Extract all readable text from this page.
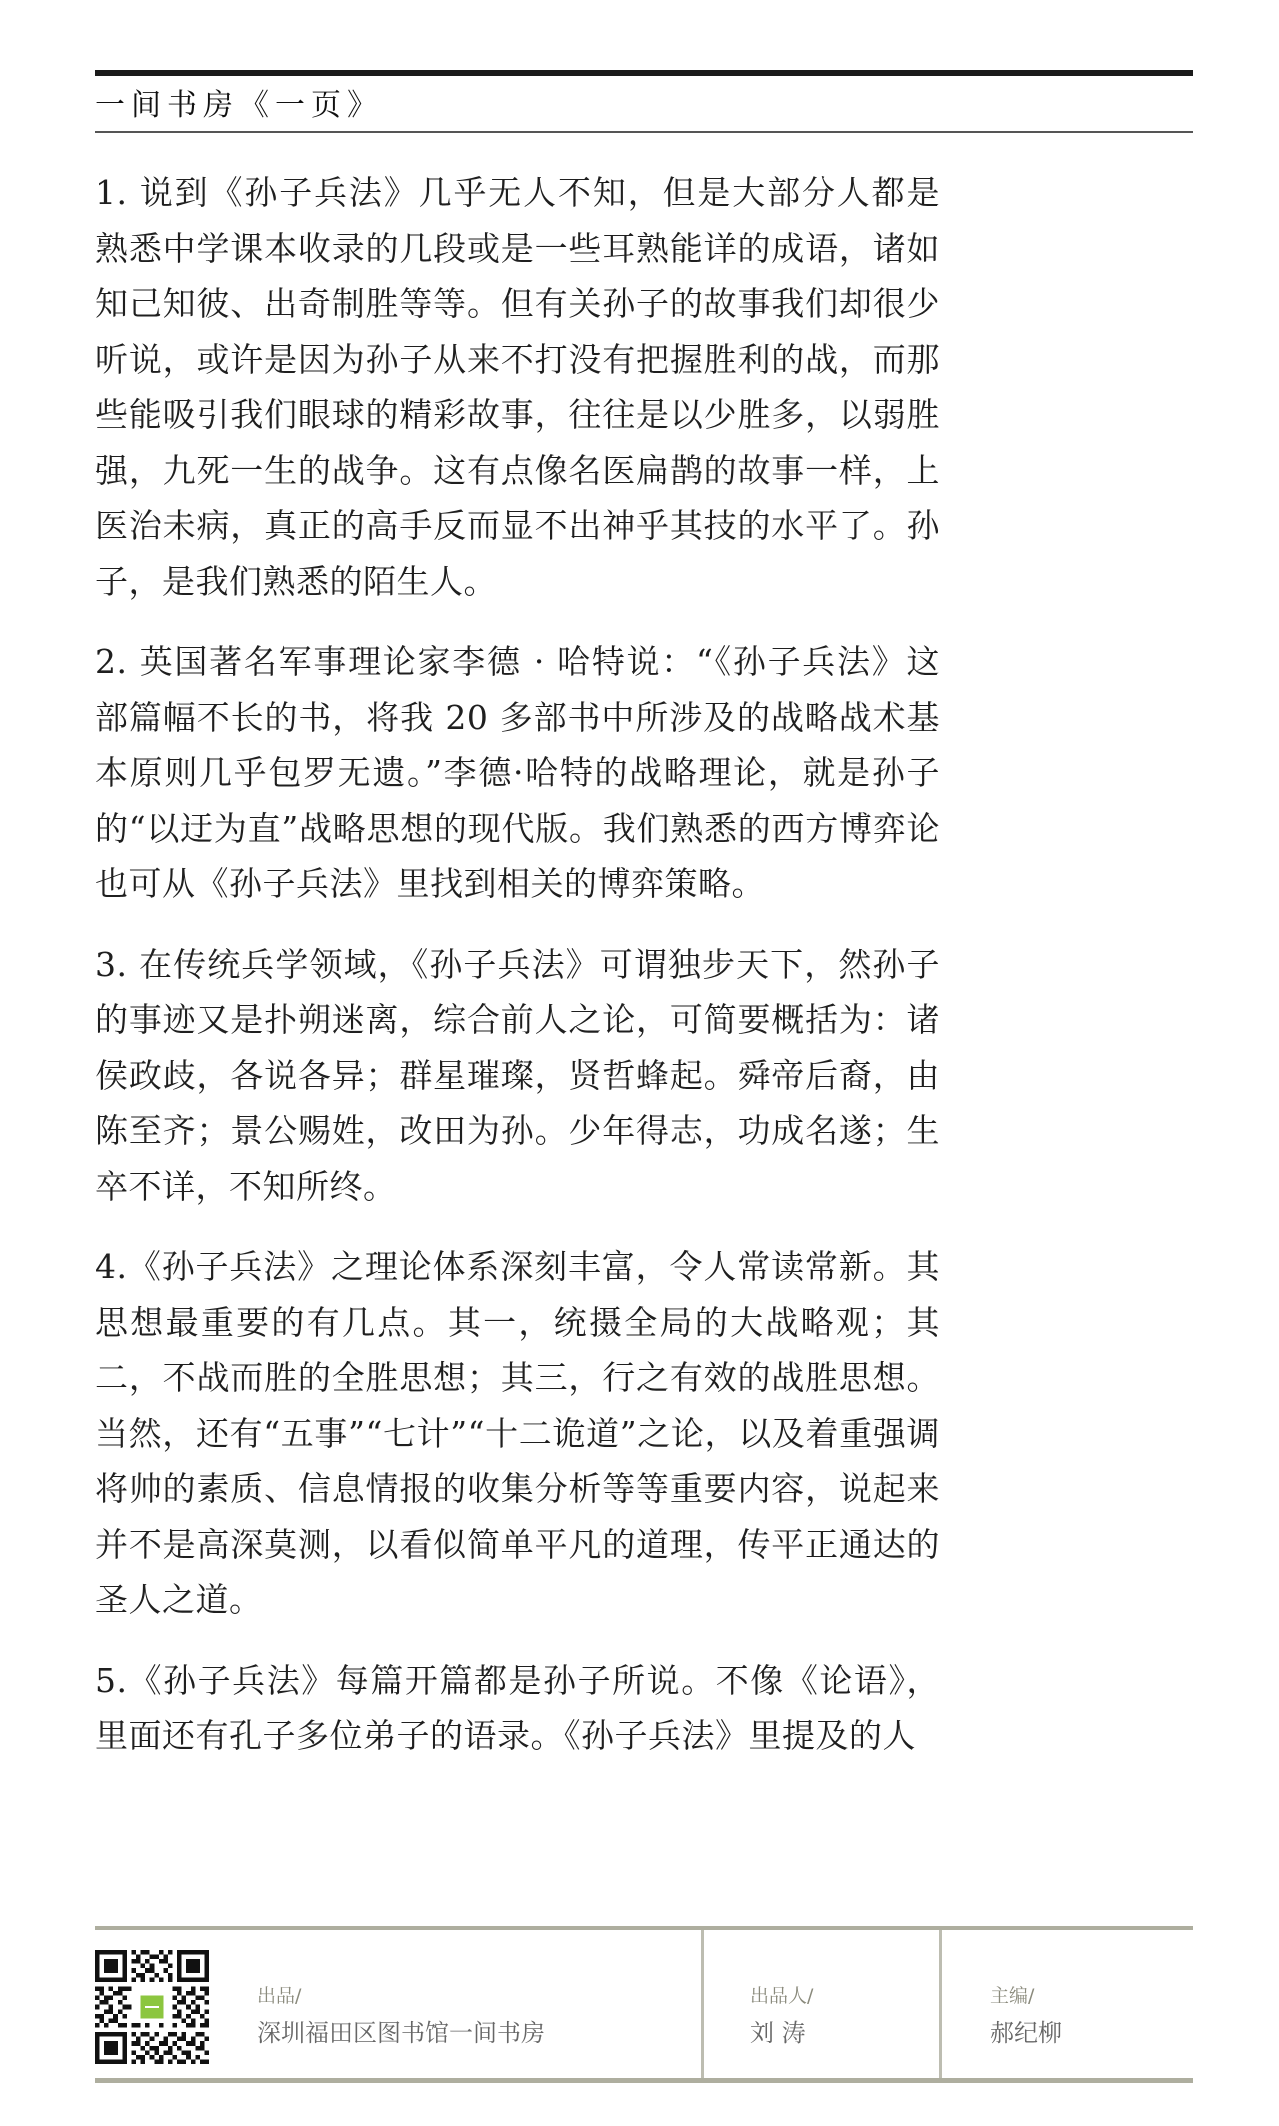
一间书房《一页》

1. 说到《孙子兵法》几乎无人不知，但是大部分人都是熟悉中学课本收录的几段或是一些耳熟能详的成语，诸如知己知彼、出奇制胜等等。但有关孙子的故事我们却很少听说，或许是因为孙子从来不打没有把握胜利的战，而那些能吸引我们眼球的精彩故事，往往是以少胜多，以弱胜强，九死一生的战争。这有点像名医扁鹊的故事一样，上医治未病，真正的高手反而显不出神乎其技的水平了。孙子，是我们熟悉的陌生人。

2. 英国著名军事理论家李德 · 哈特说：“《孙子兵法》这部篇幅不长的书，将我 20 多部书中所涉及的战略战术基本原则几乎包罗无遗。”李德·哈特的战略理论，就是孙子的“以迂为直”战略思想的现代版。我们熟悉的西方博弈论也可从《孙子兵法》里找到相关的博弈策略。

3. 在传统兵学领域，《孙子兵法》可谓独步天下，然孙子的事迹又是扑朔迷离，综合前人之论，可简要概括为：诸侯政歧，各说各异；群星璀璨，贤哲蜂起。舜帝后裔，由陈至齐；景公赐姓，改田为孙。少年得志，功成名遂；生卒不详，不知所终。

4.《孙子兵法》之理论体系深刻丰富，令人常读常新。其思想最重要的有几点。其一，统摄全局的大战略观；其二，不战而胜的全胜思想；其三，行之有效的战胜思想。当然，还有“五事”“七计”“十二诡道”之论，以及着重强调将帅的素质、信息情报的收集分析等等重要内容，说起来并不是高深莫测，以看似简单平凡的道理，传平正通达的圣人之道。

5.《孙子兵法》每篇开篇都是孙子所说。不像《论语》，里面还有孔子多位弟子的语录。《孙子兵法》里提及的人

出品/
深圳福田区图书馆一间书房
出品人/
刘 涛
主编/
郝纪柳
